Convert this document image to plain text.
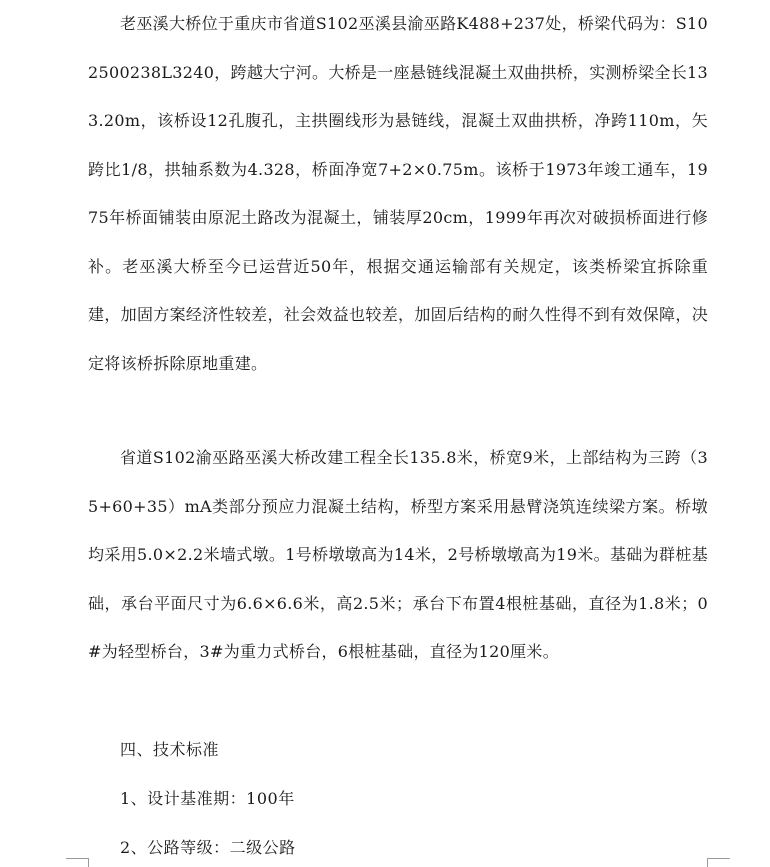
老巫溪大桥位于重庆市省道S102巫溪县渝巫路K488+237处，桥梁代码为：S102500238L3240，跨越大宁河。大桥是一座悬链线混凝土双曲拱桥，实测桥梁全长133.20m，该桥设12孔腹孔，主拱圈线形为悬链线，混凝土双曲拱桥，净跨110m，矢跨比1/8，拱轴系数为4.328，桥面净宽7+2×0.75m。该桥于1973年竣工通车，1975年桥面铺装由原泥土路改为混凝土，铺装厚20cm，1999年再次对破损桥面进行修补。老巫溪大桥至今已运营近50年，根据交通运输部有关规定，该类桥梁宜拆除重建，加固方案经济性较差，社会效益也较差，加固后结构的耐久性得不到有效保障，决定将该桥拆除原地重建。

省道S102渝巫路巫溪大桥改建工程全长135.8米，桥宽9米，上部结构为三跨（35+60+35）mA类部分预应力混凝土结构，桥型方案采用悬臂浇筑连续梁方案。桥墩均采用5.0×2.2米墙式墩。1号桥墩墩高为14米，2号桥墩墩高为19米。基础为群桩基础，承台平面尺寸为6.6×6.6米，高2.5米；承台下布置4根桩基础，直径为1.8米；0#为轻型桥台，3#为重力式桥台，6根桩基础，直径为120厘米。

四、技术标准

1、设计基准期：100年

2、公路等级：二级公路
